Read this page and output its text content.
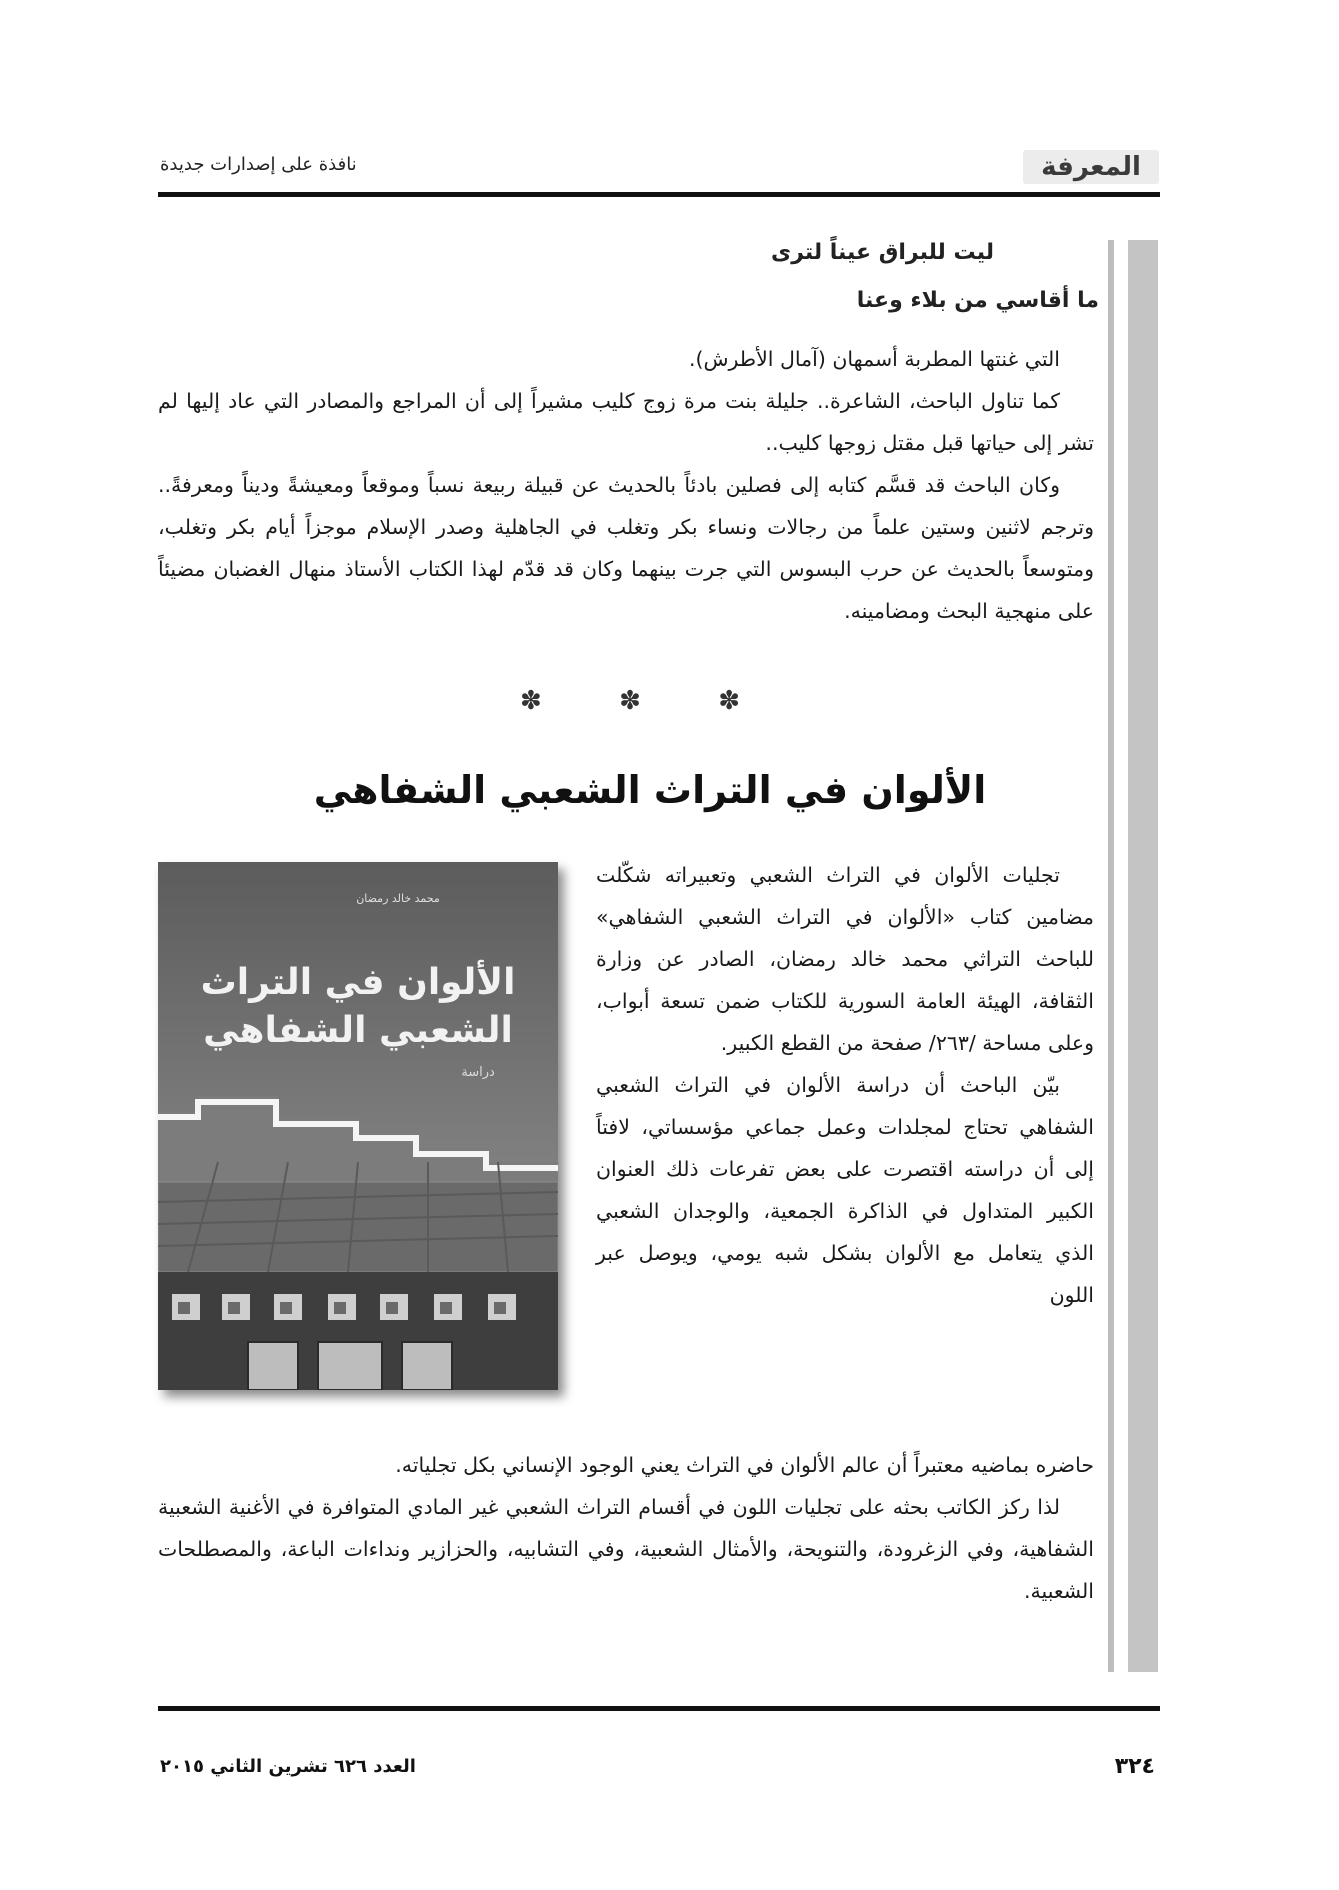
المعرفة
نافذة على إصدارات جديدة
ليت للبراق عيناً لترى
ما أقاسي من بلاء وعنا

التي غنتها المطربة أسمهان (آمال الأطرش).

كما تناول الباحث، الشاعرة.. جليلة بنت مرة زوج كليب مشيراً إلى أن المراجع والمصادر التي عاد إليها لم تشر إلى حياتها قبل مقتل زوجها كليب..

وكان الباحث قد قسَّم كتابه إلى فصلين بادئاً بالحديث عن قبيلة ربيعة نسباً وموقعاً ومعيشةً وديناً ومعرفةً.. وترجم لاثنين وستين علماً من رجالات ونساء بكر وتغلب في الجاهلية وصدر الإسلام موجزاً أيام بكر وتغلب، ومتوسعاً بالحديث عن حرب البسوس التي جرت بينهما وكان قد قدّم لهذا الكتاب الأستاذ منهال الغضبان مضيئاً على منهجية البحث ومضامينه.

✽	✽	✽
الألوان في التراث الشعبي الشفاهي
محمد خالد رمضان
الألوان في التراث
الشعبي الشفاهي
دراسة

تجليات الألوان في التراث الشعبي وتعبيراته شكّلت مضامين كتاب «الألوان في التراث الشعبي الشفاهي» للباحث التراثي محمد خالد رمضان، الصادر عن وزارة الثقافة، الهيئة العامة السورية للكتاب ضمن تسعة أبواب، وعلى مساحة /٢٦٣/ صفحة من القطع الكبير.

بيّن الباحث أن دراسة الألوان في التراث الشعبي الشفاهي تحتاج لمجلدات وعمل جماعي مؤسساتي، لافتاً إلى أن دراسته اقتصرت على بعض تفرعات ذلك العنوان الكبير المتداول في الذاكرة الجمعية، والوجدان الشعبي الذي يتعامل مع الألوان بشكل شبه يومي، ويوصل عبر اللون

حاضره بماضيه معتبراً أن عالم الألوان في التراث يعني الوجود الإنساني بكل تجلياته.

لذا ركز الكاتب بحثه على تجليات اللون في أقسام التراث الشعبي غير المادي المتوافرة في الأغنية الشعبية الشفاهية، وفي الزغرودة، والتنويحة، والأمثال الشعبية، وفي التشابيه، والحزازير ونداءات الباعة، والمصطلحات الشعبية.

٣٢٤
العدد ٦٢٦ تشرين الثاني ٢٠١٥
